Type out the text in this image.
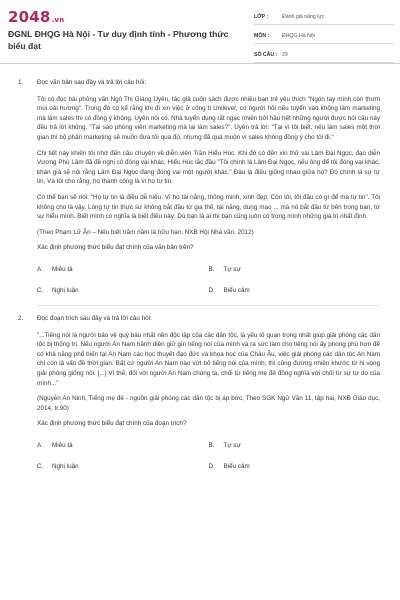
2048.vn
ĐGNL ĐHQG Hà Nội - Tư duy định tính - Phương thức biểu đạt
LỚP :	Đánh giá năng lực
MÔN :	ĐHQG Hà Nội
SỐ CÂU : 29
1. Đọc văn bản sau đây và trả lời câu hỏi:

Tôi có đọc bài phỏng vấn Ngô Thị Giáng Uyên, tác giả cuốn sách được nhiều bạn trẻ yêu thích "Ngón tay mình còn thơm mùi oải hương". Trong đó có kể rằng khi đi xin việc ở công ti Unilever, có người hỏi nếu tuyển vào không làm marketing mà làm sales thì có đồng ý không. Uyên nói có. Nhà tuyển dụng rất ngạc nhiên bởi hầu hết những người được hỏi câu này đều trả lời không. "Tại sao phóng viên marketing mà lại làm sales?". Uyên trả lời: "Tại vì tôi biết, nếu làm sales một thời gian thì bộ phận marketing sẽ muốn đưa tôi qua đó, nhưng đã quá muộn vì sales không đồng ý cho tôi đi."

Chi tiết này khiến tôi nhớ đến câu chuyện về diễn viên Trần Hiểu Húc. Khi đó có đến xin thử vai Lâm Đại Ngọc, đạo diễn Vương Phù Lâm đã đề nghị cô đóng vai khác. Hiểu Húc lắc đầu "Tôi chính là Lâm Đại Ngọc, nếu ông để tôi đóng vai khác, khán giả sẽ nói rằng Lâm Đại Ngọc đang đóng vai một người khác." Đâu là điều giống nhau giữa họ? Đó chính là sự tự tin. Và tôi cho rằng, họ thành công là vì họ tự tin.

Có thể bạn sẽ nói: "Họ tự tin là điều dễ hiểu. Vì họ tài năng, thông minh, xinh đẹp. Còn tôi, tôi đâu có gì để mà tự tin". Tôi không cho là vậy. Lòng tự tin thực sự không bắt đầu từ gia thế, tài năng, dung mạo ... mà nó bắt đầu từ bên trong bạn, từ sự hiểu mình. Biết mình có nghĩa là biết điều này: Dù bạn là ai thì bạn cũng luôn có trong mình những giá trị nhất định.

(Theo Phạm Lữ Ân – Nếu biết trăm năm là hữu hạn, NXB Hội Nhà văn, 2012)

Xác định phương thức biểu đạt chính của văn bản trên?
A.	Miêu tả	B.	Tự sự
C.	Nghị luận	D.	Biểu cảm
2. Đọc đoạn trích sau đây và trả lời câu hỏi:

"...Tiếng nói là người bảo vệ quý báu nhất nền độc lập của các dân tộc, là yếu tố quan trọng nhất giúp giải phóng các dân tộc bị thống trị. Nếu người An Nam hãnh diện giữ gìn tiếng nói của mình và ra sức làm cho tiếng nói ấy phong phú hơn để có khả năng phổ biến tại An Nam các học thuyết đạo đức và khoa học của Châu Âu, việc giải phóng các dân tộc An Nam chỉ còn là vấn đề thời gian. Bất cứ người An Nam nào vứt bỏ tiếng nói của mình, thì cũng đương nhiên khước từ hi vọng giải phóng giống nòi. [...] Vì thế, đối với người An Nam chúng ta, chối từ tiếng mẹ đẻ đồng nghĩa với chối từ sự tự do của mình..."

(Nguyễn An Ninh, Tiếng mẹ đẻ - nguồn giải phóng các dân tộc bị áp bức, Theo SGK Ngữ Văn 11, tập hai, NXB Giáo dục, 2014, tr.90)

Xác định phương thức biểu đạt chính của đoạn trích?
A.	Miêu tả	B.	Tự sự
C.	Nghị luận	D.	Biểu cảm
